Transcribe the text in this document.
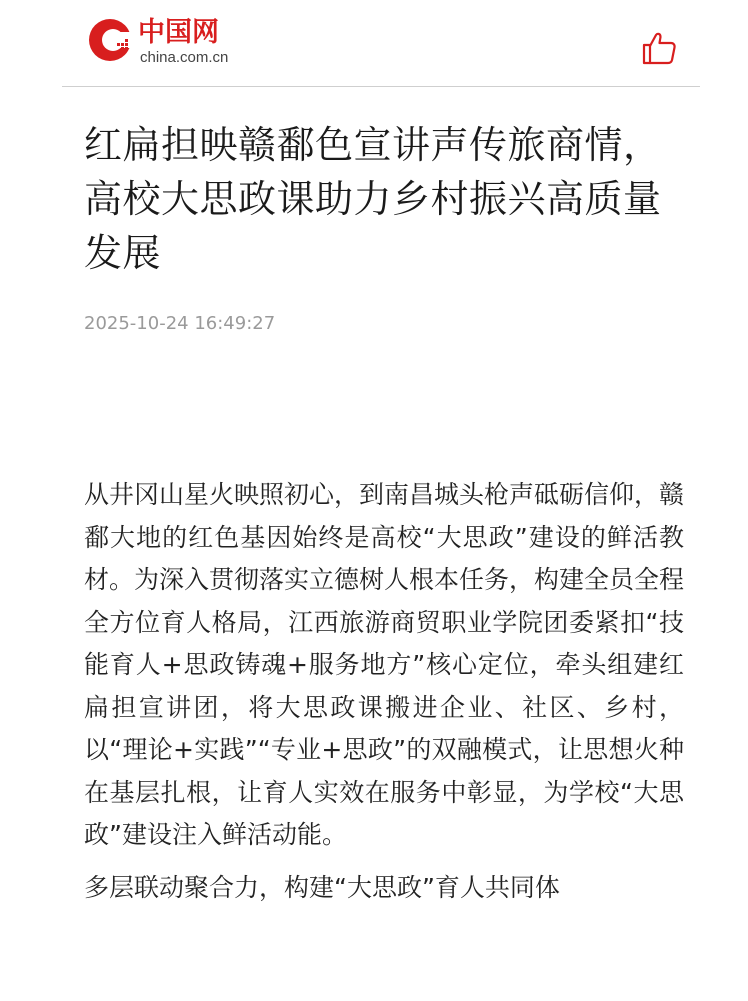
中国网
china.com.cn
红扁担映赣鄱色宣讲声传旅商情，高校大思政课助力乡村振兴高质量发展
2025-10-24 16:49:27

从井冈山星火映照初心，到南昌城头枪声砥砺信仰，赣鄱大地的红色基因始终是高校“大思政”建设的鲜活教材。为深入贯彻落实立德树人根本任务，构建全员全程全方位育人格局，江西旅游商贸职业学院团委紧扣“技能育人+思政铸魂+服务地方”核心定位，牵头组建红扁担宣讲团，将大思政课搬进企业、社区、乡村，以“理论+实践”“专业+思政”的双融模式，让思想火种在基层扎根，让育人实效在服务中彰显，为学校“大思政”建设注入鲜活动能。

多层联动聚合力，构建“大思政”育人共同体
